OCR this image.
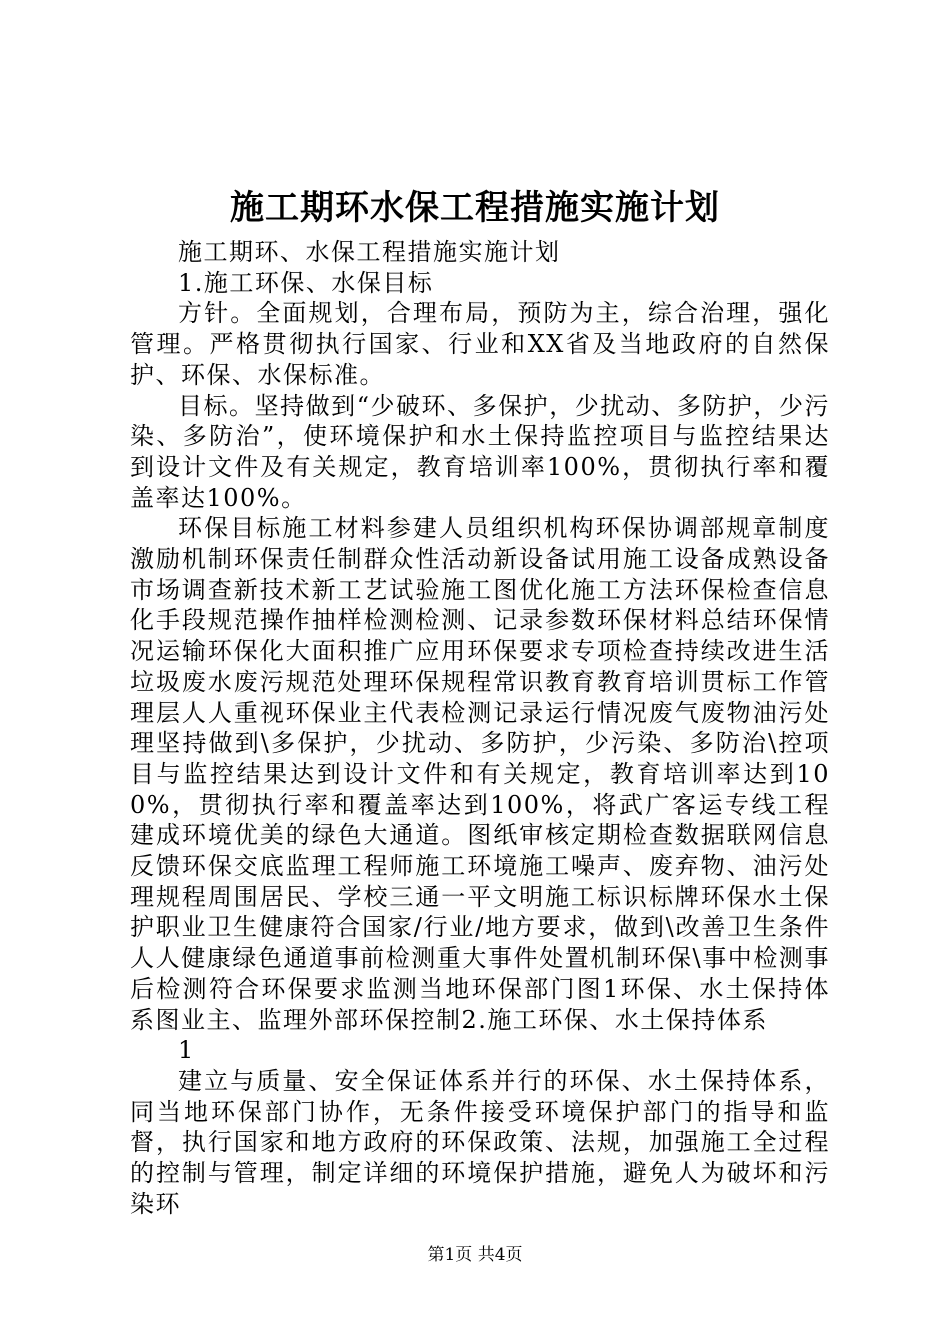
施工期环水保工程措施实施计划

施工期环、水保工程措施实施计划

1.施工环保、水保目标

方针。全面规划，合理布局，预防为主，综合治理，强化管理。严格贯彻执行国家、行业和XX省及当地政府的自然保护、环保、水保标准。

目标。坚持做到“少破环、多保护，少扰动、多防护，少污染、多防治”，使环境保护和水土保持监控项目与监控结果达到设计文件及有关规定，教育培训率100%，贯彻执行率和覆盖率达100%。

环保目标施工材料参建人员组织机构环保协调部规章制度激励机制环保责任制群众性活动新设备试用施工设备成熟设备市场调查新技术新工艺试验施工图优化施工方法环保检查信息化手段规范操作抽样检测检测、记录参数环保材料总结环保情况运输环保化大面积推广应用环保要求专项检查持续改进生活垃圾废水废污规范处理环保规程常识教育教育培训贯标工作管理层人人重视环保业主代表检测记录运行情况废气废物油污处理坚持做到\多保护，少扰动、多防护，少污染、多防治\控项目与监控结果达到设计文件和有关规定，教育培训率达到100%，贯彻执行率和覆盖率达到100%，将武广客运专线工程建成环境优美的绿色大通道。图纸审核定期检查数据联网信息反馈环保交底监理工程师施工环境施工噪声、废弃物、油污处理规程周围居民、学校三通一平文明施工标识标牌环保水土保护职业卫生健康符合国家/行业/地方要求，做到\改善卫生条件人人健康绿色通道事前检测重大事件处置机制环保\事中检测事后检测符合环保要求监测当地环保部门图1环保、水土保持体系图业主、监理外部环保控制2.施工环保、水土保持体系

1

建立与质量、安全保证体系并行的环保、水土保持体系，同当地环保部门协作，无条件接受环境保护部门的指导和监督，执行国家和地方政府的环保政策、法规，加强施工全过程的控制与管理，制定详细的环境保护措施，避免人为破坏和污染环

第1页 共4页
